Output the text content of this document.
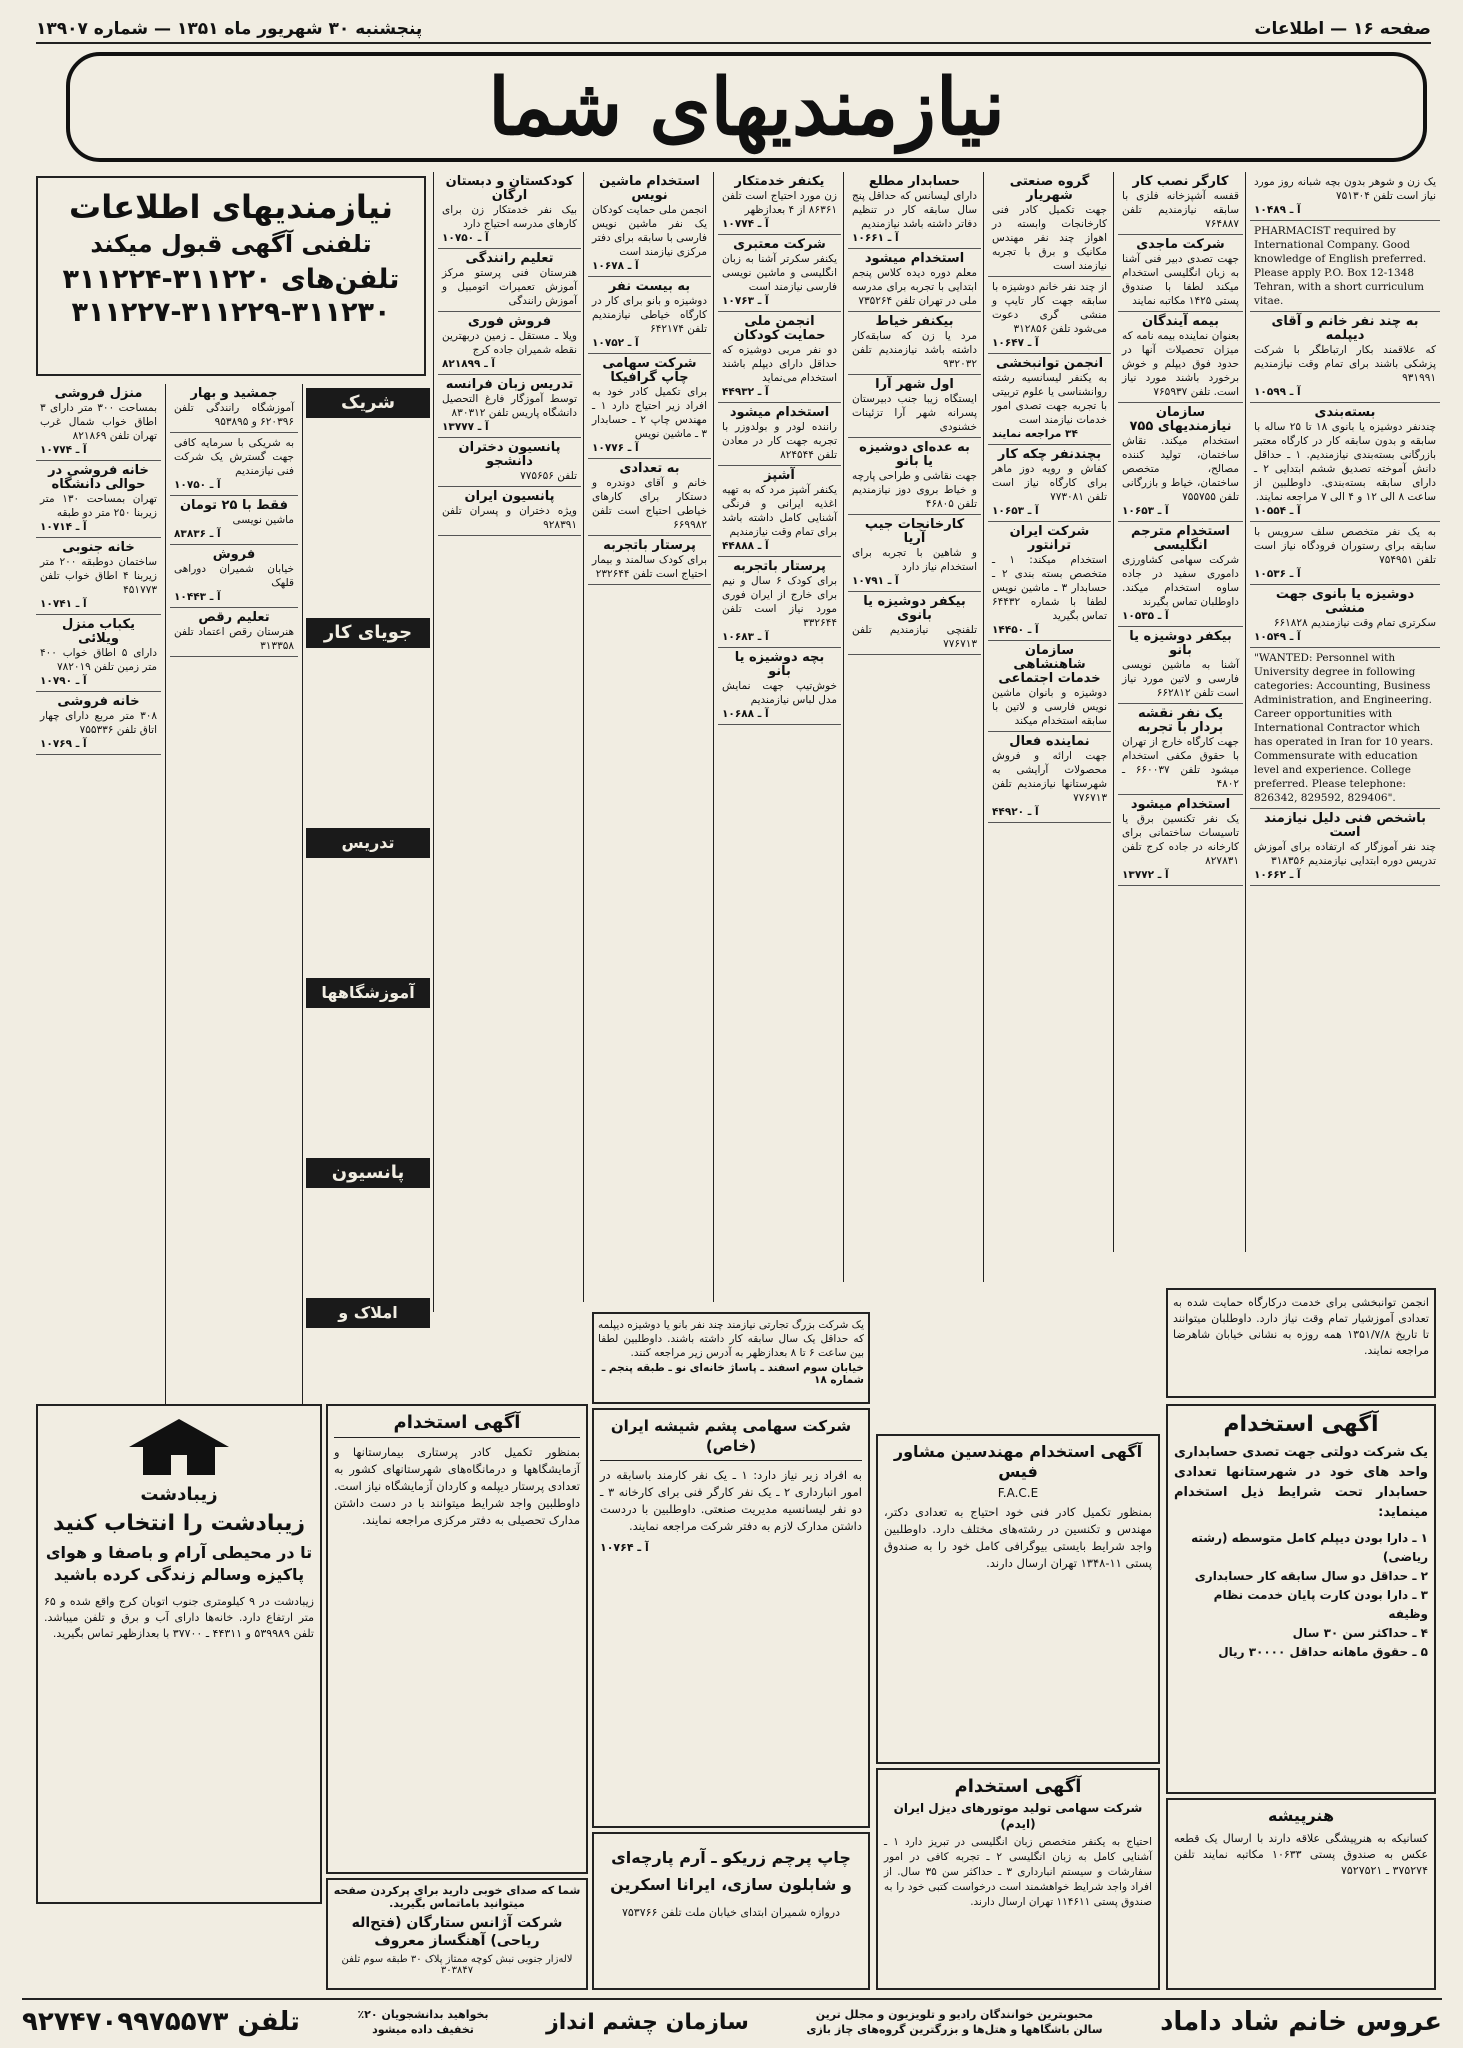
صفحه ۱۶ — اطلاعات
پنجشنبه ۳۰ شهریور ماه ۱۳۵۱ — شماره ۱۳۹۰۷
نیازمندیهای شما
یک زن و شوهر بدون بچه شبانه روز مورد نیاز است تلفن ۷۵۱۳۰۴
آ ـ ۱۰۴۸۹
PHARMACIST required by International Company. Good knowledge of English preferred. Please apply P.O. Box 12-1348 Tehran, with a short curriculum vitae.
به چند نفر خانم و آقای دیپلمه
که علاقمند بکار ارتباطگر با شرکت پزشکی باشند برای تمام وقت نیازمندیم ۹۳۱۹۹۱
آ ـ ۱۰۵۹۹
بسته‌بندی
چندنفر دوشیزه یا بانوی ۱۸ تا ۲۵ ساله با سابقه و بدون سابقه کار در کارگاه معتبر بازرگانی بسته‌بندی نیازمندیم. ۱ ـ حداقل دانش آموخته تصدیق ششم ابتدایی ۲ ـ دارای سابقه بسته‌بندی. داوطلبین از ساعت ۸ الی ۱۲ و ۴ الی ۷ مراجعه نمایند.
آ ـ ۱۰۵۵۴
به یک نفر متخصص سلف سرویس با سابقه برای رستوران فرودگاه نیاز است تلفن ۷۵۴۹۵۱
آ ـ ۱۰۵۳۶
دوشیزه یا بانوی جهت منشی
سکرتری تمام وقت نیازمندیم ۶۶۱۸۲۸
آ ـ ۱۰۵۴۹
"WANTED: Personnel with University degree in following categories: Accounting, Business Administration, and Engineering. Career opportunities with International Contractor which has operated in Iran for 10 years. Commensurate with education level and experience. College preferred. Please telephone: 826342, 829592, 829406".
باشخص فنی دلیل نیازمند است
چند نفر آموزگار که ارتفاده برای آموزش تدریس دوره ابتدایی نیازمندیم ۳۱۸۳۵۶
آ ـ ۱۰۶۶۲
کارگر نصب کار
قفسه آشپزخانه فلزی با سابقه نیازمندیم تلفن ۷۶۴۸۸۷
شرکت ماجدی
جهت تصدی دبیر فنی آشنا به زبان انگلیسی استخدام میکند لطفا با صندوق پستی ۱۴۲۵ مکاتبه نمایند
بیمه آیندگان
بعنوان نماینده بیمه نامه که میزان تحصیلات آنها در حدود فوق دیپلم و خوش برخورد باشند مورد نیاز است. تلفن ۷۶۵۹۳۷
سازمان نیازمندیهای ۷۵۵
استخدام میکند. نقاش ساختمان، تولید کننده مصالح، متخصص ساختمان، خیاط و بازرگانی تلفن ۷۵۵۷۵۵
آ ـ ۱۰۶۵۳
استخدام مترجم انگلیسی
شرکت سهامی کشاورزی داموری سفید در جاده ساوه استخدام میکند. داوطلبان تماس بگیرند
آ ـ ۱۰۵۳۵
بیکفر دوشیزه یا بانو
آشنا به ماشین نویسی فارسی و لاتین مورد نیاز است تلفن ۶۶۲۸۱۲
یک نفر نقشه بردار با تجربه
جهت کارگاه خارج از تهران با حقوق مکفی استخدام میشود تلفن ۶۶۰۰۳۷ ـ ۴۸۰۲
استخدام میشود
یک نفر تکنسین برق یا تاسیسات ساختمانی برای کارخانه در جاده کرج تلفن ۸۲۷۸۳۱
آ ـ ۱۳۷۷۲
گروه صنعتی شهریار
جهت تکمیل کادر فنی کارخانجات وابسته در اهواز چند نفر مهندس مکانیک و برق با تجربه نیازمند است
از چند نفر خانم دوشیزه با سابقه جهت کار تایپ و منشی گری دعوت می‌شود تلفن ۳۱۲۸۵۶
آ ـ ۱۰۶۴۷
انجمن توانبخشی
به یکنفر لیسانسیه رشته روانشناسی یا علوم تربیتی با تجربه جهت تصدی امور خدمات نیازمند است
۳۴ مراجعه نمایند
بچندنفر چکه کار
کفاش و رویه دوز ماهر برای کارگاه نیاز است تلفن ۷۷۳۰۸۱
آ ـ ۱۰۶۵۳
شرکت ایران ترانتور
استخدام میکند: ۱ ـ متخصص بسته بندی ۲ ـ حسابدار ۳ ـ ماشین نویس لطفا با شماره ۶۴۴۳۲ تماس بگیرید
آ ـ ۱۴۴۵۰
سازمان شاهنشاهی خدمات اجتماعی
دوشیزه و بانوان ماشین نویس فارسی و لاتین با سابقه استخدام میکند
نماینده فعال
جهت ارائه و فروش محصولات آرایشی به شهرستانها نیازمندیم تلفن ۷۷۶۷۱۳
آ ـ ۴۴۹۲۰
حسابدار مطلع
دارای لیسانس که حداقل پنج سال سابقه کار در تنظیم دفاتر داشته باشد نیازمندیم
آ ـ ۱۰۶۶۱
استخدام میشود
معلم دوره دیده کلاس پنجم ابتدایی با تجربه برای مدرسه ملی در تهران تلفن ۷۳۵۲۶۴
بیکنفر خیاط
مرد یا زن که سابقه‌کار داشته باشد نیازمندیم تلفن ۹۳۲۰۳۲
اول شهر آرا
ایستگاه زیبا جنب دبیرستان پسرانه شهر آرا تزئینات خشنودی
به عده‌ای دوشیزه یا بانو
جهت نقاشی و طراحی پارچه و خیاط بروی دوز نیازمندیم تلفن ۴۶۸۰۵
کارخانجات جیپ آریا
و شاهین با تجربه برای استخدام نیاز دارد
آ ـ ۱۰۷۹۱
بیکفر دوشیزه یا بانوی
تلفنچی نیازمندیم تلفن ۷۷۶۷۱۳
یکنفر خدمتکار
زن مورد احتیاج است تلفن ۸۶۳۶۱ از ۴ بعدازظهر
آ ـ ۱۰۷۷۴
شرکت معتبری
یکنفر سکرتر آشنا به زبان انگلیسی و ماشین نویسی فارسی نیازمند است
آ ـ ۱۰۷۶۳
انجمن ملی حمایت کودکان
دو نفر مربی دوشیزه که حداقل دارای دیپلم باشند استخدام می‌نماید
آ ـ ۴۴۹۳۲
استخدام میشود
راننده لودر و بولدوزر با تجربه جهت کار در معادن تلفن ۸۲۴۵۴۴
آشپز
یکنفر آشپز مرد که به تهیه اغذیه ایرانی و فرنگی آشنایی کامل داشته باشد برای تمام وقت نیازمندیم
آ ـ ۴۴۸۸۸
پرستار باتجربه
برای کودک ۶ سال و نیم برای خارج از ایران فوری مورد نیاز است تلفن ۳۳۲۶۴۴
آ ـ ۱۰۶۸۳
بچه دوشیزه یا بانو
خوش‌تیپ جهت نمایش مدل لباس نیازمندیم
آ ـ ۱۰۶۸۸
استخدام ماشین نویس
انجمن ملی حمایت کودکان یک نفر ماشین نویس فارسی با سابقه برای دفتر مرکزی نیازمند است
آ ـ ۱۰۶۷۸
به بیست نفر
دوشیزه و بانو برای کار در کارگاه خیاطی نیازمندیم تلفن ۶۴۲۱۷۴
آ ـ ۱۰۷۵۲
شرکت سهامی چاپ گرافیکا
برای تکمیل کادر خود به افراد زیر احتیاج دارد ۱ ـ مهندس چاپ ۲ ـ حسابدار ۳ ـ ماشین نویس
آ ـ ۱۰۷۷۶
به تعدادی
خانم و آقای دوندره و دستکار برای کارهای خیاطی احتیاج است تلفن ۶۶۹۹۸۲
پرستار باتجربه
برای کودک سالمند و بیمار احتیاج است تلفن ۲۳۲۶۴۴
کودکستان و دبستان ارگان
بیک نفر خدمتکار زن برای کارهای مدرسه احتیاج دارد
آ ـ ۱۰۷۵۰
تعلیم رانندگی
هنرستان فنی پرستو مرکز آموزش تعمیرات اتومبیل و آموزش رانندگی
فروش فوری
ویلا ـ مستقل ـ زمین دربهترین نقطه شمیران جاده کرج
آ ـ ۸۲۱۸۹۹
تدریس زبان فرانسه
توسط آموزگار فارغ التحصیل دانشگاه پاریس تلفن ۸۳۰۳۱۲
آ ـ ۱۳۷۷۷
پانسیون دختران دانشجو
تلفن ۷۷۵۶۵۶
پانسیون ایران
ویژه دختران و پسران تلفن ۹۲۸۳۹۱
نیازمندیهای اطلاعات
تلفنی آگهی قبول میکند
تلفن‌های ۳۱۱۲۲۰-۳۱۱۲۲۴
۳۱۱۲۲۷-۳۱۱۲۲۹-۳۱۱۲۳۰
منزل فروشی
بمساحت ۳۰۰ متر دارای ۳ اطاق خواب شمال غرب تهران تلفن ۸۲۱۸۶۹
آ ـ ۱۰۷۷۴
خانه فروشی در حوالی دانشگاه
تهران بمساحت ۱۳۰ متر زیربنا ۲۵۰ متر دو طبقه
آ ـ ۱۰۷۱۴
خانه جنوبی
ساختمان دوطبقه ۲۰۰ متر زیربنا ۴ اطاق خواب تلفن ۴۵۱۷۷۳
آ ـ ۱۰۷۴۱
یکباب منزل ویلائی
دارای ۵ اطاق خواب ۴۰۰ متر زمین تلفن ۷۸۲۰۱۹
آ ـ ۱۰۷۹۰
خانه فروشی
۳۰۸ متر مربع دارای چهار اتاق تلفن ۷۵۵۳۳۶
آ ـ ۱۰۷۶۹
جمشید و بهار
آموزشگاه رانندگی تلفن ۶۲۰۳۹۶ و ۹۵۳۸۹۵
به شریکی با سرمایه کافی جهت گسترش یک شرکت فنی نیازمندیم
آ ـ ۱۰۷۵۰
فقط با ۲۵ تومان
ماشین نویسی
آ ـ ۸۳۸۳۶
فروش
خیابان شمیران دوراهی قلهک
آ ـ ۱۰۴۴۳
تعلیم رقص
هنرستان رقص اعتماد تلفن ۳۱۳۳۵۸
شریک
جویای کار
تدریس خصوصی
آموزشگاهها
پانسیون
املاک و مستغلات
زیبادشت
زیبادشت را انتخاب کنید
تا در محیطی آرام و باصفا و هوای پاکیزه وسالم زندگی کرده باشید
زیبادشت در ۹ کیلومتری جنوب اتوبان کرج واقع شده و ۶۵ متر ارتفاع دارد. خانه‌ها دارای آب و برق و تلفن میباشد. تلفن ۵۳۹۹۸۹ و ۴۴۳۱۱ ـ ۳۷۷۰۰ با بعدازظهر تماس بگیرید.
آگهی استخدام
بمنظور تکمیل کادر پرستاری بیمارستانها و آزمایشگاهها و درمانگاه‌های شهرستانهای کشور به تعدادی پرستار دیپلمه و کاردان آزمایشگاه نیاز است. داوطلبین واجد شرایط میتوانند با در دست داشتن مدارک تحصیلی به دفتر مرکزی مراجعه نمایند.
شما که صدای خوبی دارید برای پرکردن صفحه میتوانید باماتماس بگیرید.
شرکت آژانس ستارگان (فتح‌اله ریاحی) آهنگساز معروف
لاله‌زار جنوبی نبش کوچه ممتاز پلاک ۳۰ طبقه سوم تلفن ۳۰۳۸۴۷
یک شرکت بزرگ تجارتی نیازمند چند نفر بانو یا دوشیزه دیپلمه که حداقل یک سال سابقه کار داشته باشند. داوطلبین لطفا بین ساعت ۶ تا ۸ بعدازظهر به آدرس زیر مراجعه کنند.
خیابان سوم اسفند ـ پاساژ خانه‌ای نو ـ طبقه پنجم ـ شماره ۱۸
شرکت سهامی پشم شیشه ایران (خاص)
به افراد زیر نیاز دارد: ۱ ـ یک نفر کارمند باسابقه در امور انبارداری ۲ ـ یک نفر کارگر فنی برای کارخانه ۳ ـ دو نفر لیسانسیه مدیریت صنعتی. داوطلبین با دردست داشتن مدارک لازم به دفتر شرکت مراجعه نمایند.
آ ـ ۱۰۷۶۴
چاپ پرچم زریکو ـ آرم پارچه‌ای
و شابلون سازی، ایرانا اسکرین
دروازه شمیران ابتدای خیابان ملت تلفن ۷۵۳۷۶۶
آگهی استخدام مهندسین مشاور فیس
F.A.C.E
بمنظور تکمیل کادر فنی خود احتیاج به تعدادی دکتر، مهندس و تکنسین در رشته‌های مختلف دارد. داوطلبین واجد شرایط بایستی بیوگرافی کامل خود را به صندوق پستی ۱۱-۱۳۴۸ تهران ارسال دارند.
آگهی استخدام
شرکت سهامی تولید موتورهای دیزل ایران (ایدم)
احتیاج به یکنفر متخصص زبان انگلیسی در تبریز دارد ۱ ـ آشنایی کامل به زبان انگلیسی ۲ ـ تجربه کافی در امور سفارشات و سیستم انبارداری ۳ ـ حداکثر سن ۳۵ سال. از افراد واجد شرایط خواهشمند است درخواست کتبی خود را به صندوق پستی ۱۱۴۶۱۱ تهران ارسال دارند.
انجمن توانبخشی برای خدمت درکارگاه حمایت شده به تعدادی آموزشیار تمام وقت نیاز دارد. داوطلبان میتوانند تا تاریخ ۱۳۵۱/۷/۸ همه روزه به نشانی خیابان شاهرضا مراجعه نمایند.
آگهی استخدام
یک شرکت دولتی جهت تصدی حسابداری واحد های خود در شهرستانها تعدادی حسابدار تحت شرایط ذیل استخدام مینماید:
۱ ـ دارا بودن دیپلم کامل متوسطه (رشته ریاضی)
۲ ـ حداقل دو سال سابقه کار حسابداری
۳ ـ دارا بودن کارت پایان خدمت نظام وظیفه
۴ ـ حداکثر سن ۳۰ سال
۵ ـ حقوق ماهانه حداقل ۳۰۰۰۰ ریال
هنرپیشه
کسانیکه به هنرپیشگی علاقه دارند با ارسال یک قطعه عکس به صندوق پستی ۱۰۶۳۳ مکاتبه نمایند تلفن ۳۷۵۲۷۴ ـ ۷۵۲۷۵۲۱
عروس خانم شاد داماد
محبوبترین خوانندگان رادیو و تلویزیون و مجلل ترین
سالن باشگاهها و هتل‌ها و بزرگترین گروه‌های چاز بازی
سازمان چشم انداز
بخواهید بدانشجویان ۲۰٪
تخفیف داده میشود
تلفن ۹۲۷۴۷۰۹۹۷۵۵۷۳
